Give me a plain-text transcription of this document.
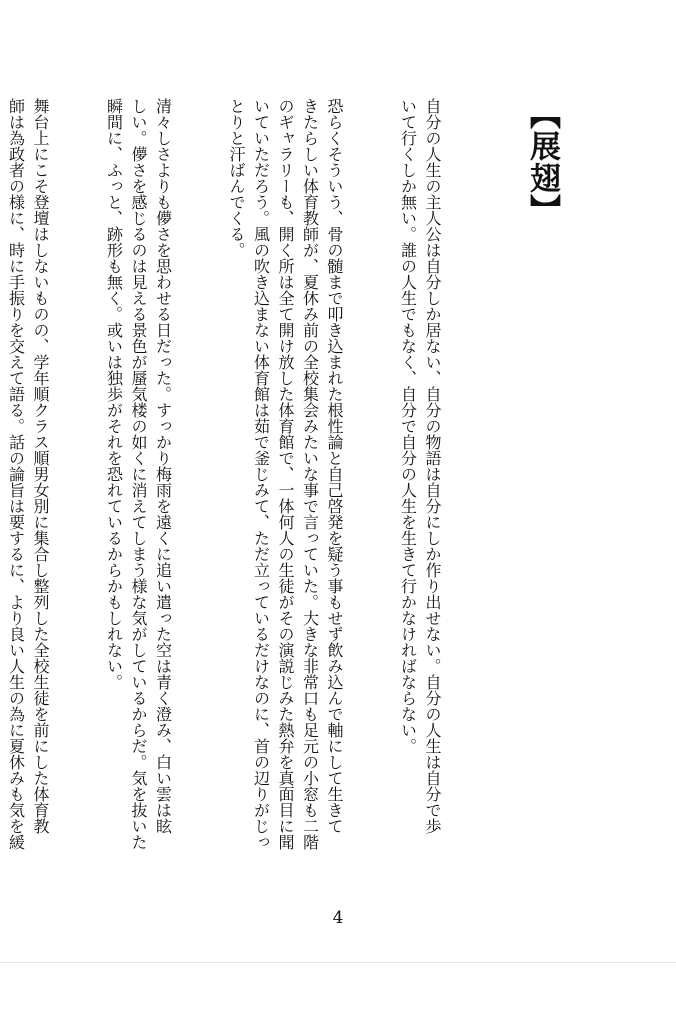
【展翅】

自分の人生の主人公は自分しか居ない、自分の物語は自分にしか作り出せない。自分の人生は自分で歩
いて行くしか無い。誰の人生でもなく、自分で自分の人生を生きて行かなければならない。

恐らくそういう、骨の髄まで叩き込まれた根性論と自己啓発を疑う事もせず飲み込んで軸にして生きて
きたらしい体育教師が、夏休み前の全校集会みたいな事で言っていた。大きな非常口も足元の小窓も二階
のギャラリーも、開く所は全て開け放した体育館で、一体何人の生徒がその演説じみた熱弁を真面目に聞
いていただろう。風の吹き込まない体育館は茹で釜じみて、ただ立っているだけなのに、首の辺りがじっ
とりと汗ばんでくる。

清々しさよりも儚さを思わせる日だった。すっかり梅雨を遠くに追い遣った空は青く澄み、白い雲は眩
しい。儚さを感じるのは見える景色が蜃気楼の如くに消えてしまう様な気がしているからだ。気を抜いた
瞬間に、ふっと、跡形も無く。或いは独歩がそれを恐れているからかもしれない。

舞台上にこそ登壇はしないものの、学年順クラス順男女別に集合し整列した全校生徒を前にした体育教
師は為政者の様に、時に手振りを交えて語る。話の論旨は要するに、より良い人生の為に夏休みも気を緩

4
